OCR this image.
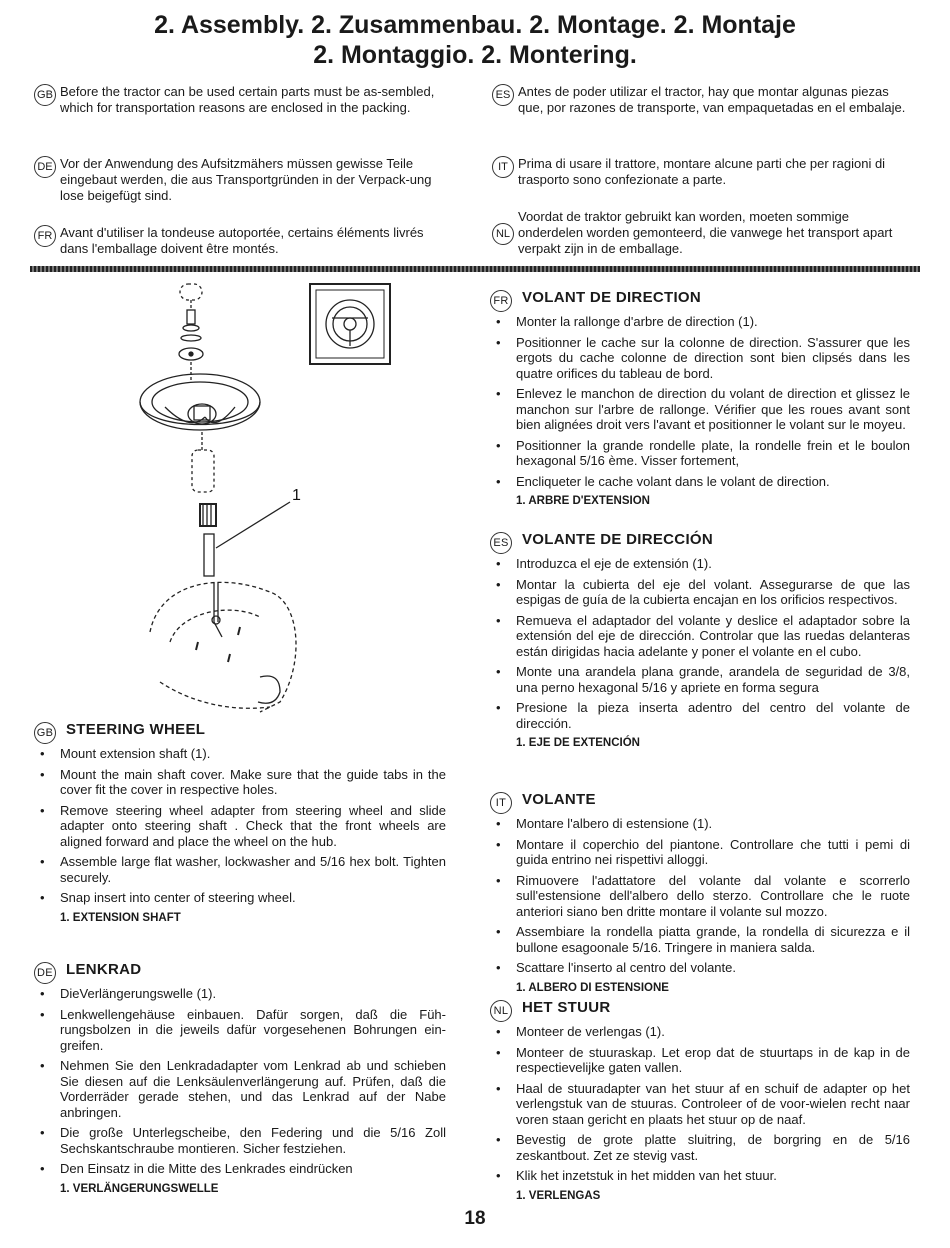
2. Assembly. 2. Zusammenbau. 2. Montage. 2. Montaje
2. Montaggio. 2. Montering.
GB Before the tractor can be used certain parts must be as-sembled, which for transportation reasons are enclosed in the packing.
DE Vor der Anwendung des Aufsitzmähers müssen gewisse Teile eingebaut werden, die aus Transportgründen in der Verpack-ung lose beigefügt sind.
FR Avant d'utiliser la tondeuse autoportée, certains éléments livrés dans l'emballage doivent être montés.
ES Antes de poder utilizar el tractor, hay que montar algunas piezas que, por razones de transporte, van empaquetadas en el embalaje.
IT Prima di usare il trattore, montare alcune parti che per ragioni di trasporto sono confezionate a parte.
NLVoordat de traktor gebruikt kan worden, moeten sommige onderdelen worden gemonteerd, die vanwege het transport apart verpakt zijn in de emballage.
1
GB STEERING WHEEL
• Mount extension shaft (1).
• Mount the main shaft cover. Make sure that the guide tabs in the cover fit the cover in respective holes.
• Remove steering wheel adapter from steering wheel and slide adapter onto steering shaft . Check that the front wheels are aligned forward and place the wheel on the hub.
• Assemble large flat washer, lockwasher and 5/16 hex bolt. Tighten securely.
• Snap insert into center of steering wheel.
1. EXTENSION SHAFT
DE LENKRAD
• DieVerlängerungswelle (1).
• Lenkwellengehäuse einbauen. Dafür sorgen, daß die Füh-rungsbolzen in die jeweils dafür vorgesehenen Bohrungen ein- greifen.
• Nehmen Sie den Lenkradadapter vom Lenkrad ab und schieben Sie diesen auf die Lenksäulenverlängerung auf. Prüfen, daß die Vorderräder gerade stehen, und das Lenkrad auf der Nabe anbringen.
• Die große Unterlegscheibe, den Federing und die 5/16 Zoll Sechskantschraube montieren. Sicher festziehen.
• Den Einsatz in die Mitte des Lenkrades eindrücken
1. VERLÄNGERUNGSWELLE
FR VOLANT DE DIRECTION
• Monter la rallonge d'arbre de direction (1).
• Positionner le cache sur la colonne de direction. S'assurer que les ergots du cache colonne de direction sont bien clipsés dans les quatre orifices du tableau de bord.
• Enlevez le manchon de direction du volant de direction et glissez le manchon sur l'arbre de rallonge. Vérifier que les roues avant sont bien alignées droit vers l'avant et positionner le volant sur le moyeu.
• Positionner la grande rondelle plate, la rondelle frein et le boulon hexagonal 5/16 ème. Visser fortement,
• Encliqueter le cache volant dans le volant de direction.
1. ARBRE D'EXTENSION
ES VOLANTE DE DIRECCIÓN
• Introduzca el eje de extensión (1).
• Montar la cubierta del eje del volant. Assegurarse de que las espigas de guía de la cubierta encajan en los orificios respectivos.
• Remueva el adaptador del volante y deslice el adaptador sobre la extensión del eje de dirección. Controlar que las ruedas delanteras están dirigidas hacia adelante y poner el volante en el cubo.
• Monte una arandela plana grande, arandela de seguridad de 3/8, una perno hexagonal 5/16 y apriete en forma segura
• Presione la pieza inserta adentro del centro del volante de dirección.
1. EJE DE EXTENCIÓN
IT VOLANTE
• Montare l'albero di estensione (1).
• Montare il coperchio del piantone. Controllare che tutti i pemi di guida entrino nei rispettivi alloggi.
• Rimuovere l'adattatore del volante dal volante e scorrerlo sull'estensione dell'albero dello sterzo. Controllare che le ruote anteriori siano ben dritte montare il volante sul mozzo.
• Assembiare la rondella piatta grande, la rondella di sicurezza e il bullone esagoonale 5/16. Tringere in maniera salda.
• Scattare l'inserto al centro del volante.
1. ALBERO DI ESTENSIONE
NL HET STUUR
• Monteer de verlengas (1).
• Monteer de stuuraskap. Let erop dat de stuurtaps in de kap in de respectievelijke gaten vallen.
• Haal de stuuradapter van het stuur af en schuif de adapter op het verlengstuk van de stuuras. Controleer of de voor-wielen recht naar voren staan gericht en plaats het stuur op de naaf.
• Bevestig de grote platte sluitring, de borgring en de 5/16 zeskantbout. Zet ze stevig vast.
• Klik het inzetstuk in het midden van het stuur.
1. VERLENGAS
18
